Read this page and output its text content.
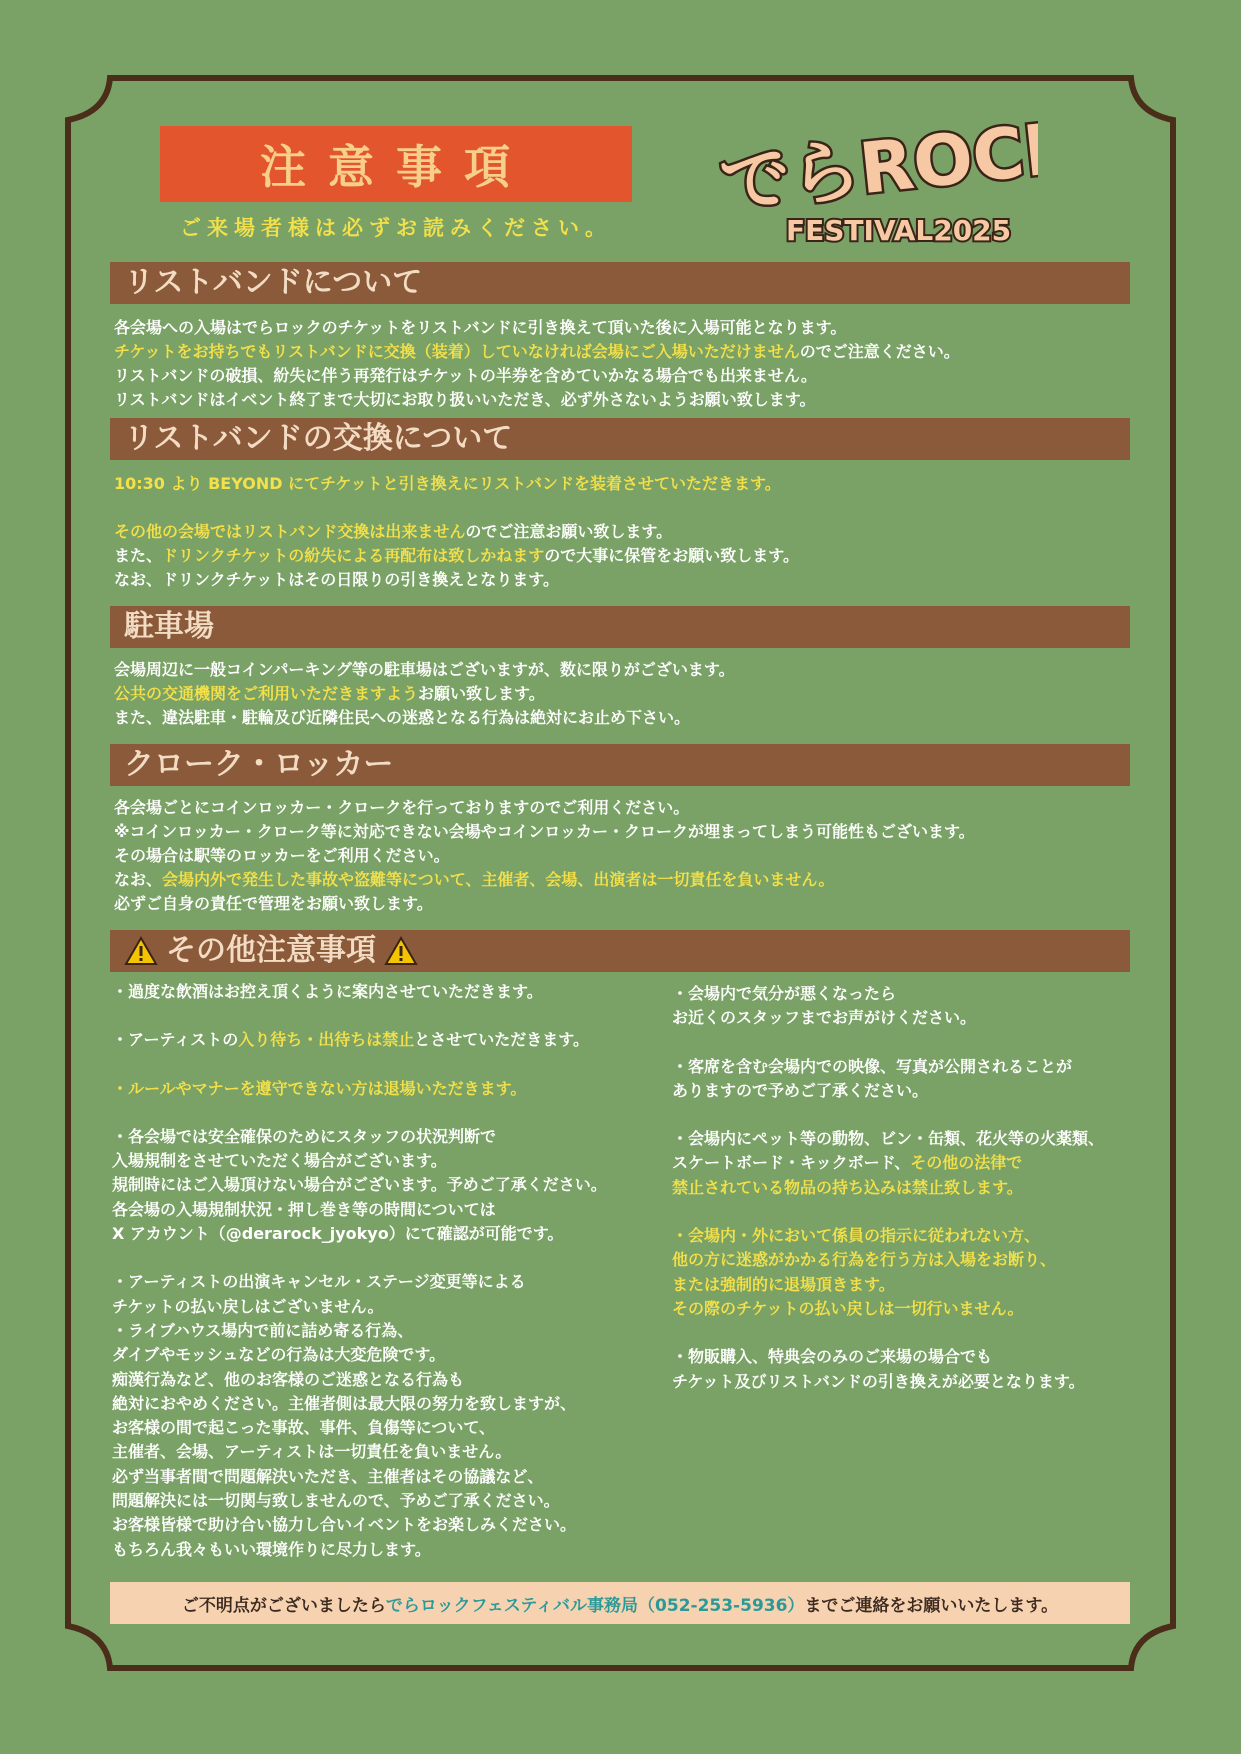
注意事項
ご来場者様は必ずお読みください。
でらROCK
FESTIVAL2025
リストバンドについて

各会場への入場はでらロックのチケットをリストバンドに引き換えて頂いた後に入場可能となります。

チケットをお持ちでもリストバンドに交換（装着）していなければ会場にご入場いただけませんのでご注意ください。

リストバンドの破損、紛失に伴う再発行はチケットの半券を含めていかなる場合でも出来ません。

リストバンドはイベント終了まで大切にお取り扱いいただき、必ず外さないようお願い致します。

リストバンドの交換について

10:30 より BEYOND にてチケットと引き換えにリストバンドを装着させていただきます。

その他の会場ではリストバンド交換は出来ませんのでご注意お願い致します。

また、ドリンクチケットの紛失による再配布は致しかねますので大事に保管をお願い致します。

なお、ドリンクチケットはその日限りの引き換えとなります。

駐車場

会場周辺に一般コインパーキング等の駐車場はございますが、数に限りがございます。

公共の交通機関をご利用いただきますようお願い致します。

また、違法駐車・駐輪及び近隣住民への迷惑となる行為は絶対にお止め下さい。

クローク・ロッカー

各会場ごとにコインロッカー・クロークを行っておりますのでご利用ください。

※コインロッカー・クローク等に対応できない会場やコインロッカー・クロークが埋まってしまう可能性もございます。

その場合は駅等のロッカーをご利用ください。

なお、会場内外で発生した事故や盗難等について、主催者、会場、出演者は一切責任を負いません。

必ずご自身の責任で管理をお願い致します。

その他注意事項

・過度な飲酒はお控え頂くように案内させていただきます。

・アーティストの入り待ち・出待ちは禁止とさせていただきます。

・ルールやマナーを遵守できない方は退場いただきます。

・各会場では安全確保のためにスタッフの状況判断で

入場規制をさせていただく場合がございます。

規制時にはご入場頂けない場合がございます。予めご了承ください。

各会場の入場規制状況・押し巻き等の時間については

X アカウント（@derarock_jyokyo）にて確認が可能です。

・アーティストの出演キャンセル・ステージ変更等による

チケットの払い戻しはございません。

・ライブハウス場内で前に詰め寄る行為、

ダイブやモッシュなどの行為は大変危険です。

痴漢行為など、他のお客様のご迷惑となる行為も

絶対におやめください。主催者側は最大限の努力を致しますが、

お客様の間で起こった事故、事件、負傷等について、

主催者、会場、アーティストは一切責任を負いません。

必ず当事者間で問題解決いただき、主催者はその協議など、

問題解決には一切関与致しませんので、予めご了承ください。

お客様皆様で助け合い協力し合いイベントをお楽しみください。

もちろん我々もいい環境作りに尽力します。

・会場内で気分が悪くなったら

お近くのスタッフまでお声がけください。

・客席を含む会場内での映像、写真が公開されることが

ありますので予めご了承ください。

・会場内にペット等の動物、ビン・缶類、花火等の火薬類、

スケートボード・キックボード、その他の法律で

禁止されている物品の持ち込みは禁止致します。

・会場内・外において係員の指示に従われない方、

他の方に迷惑がかかる行為を行う方は入場をお断り、

または強制的に退場頂きます。

その際のチケットの払い戻しは一切行いません。

・物販購入、特典会のみのご来場の場合でも

チケット及びリストバンドの引き換えが必要となります。

ご不明点がございましたら でらロックフェスティバル事務局（052-253-5936） までご連絡をお願いいたします。
